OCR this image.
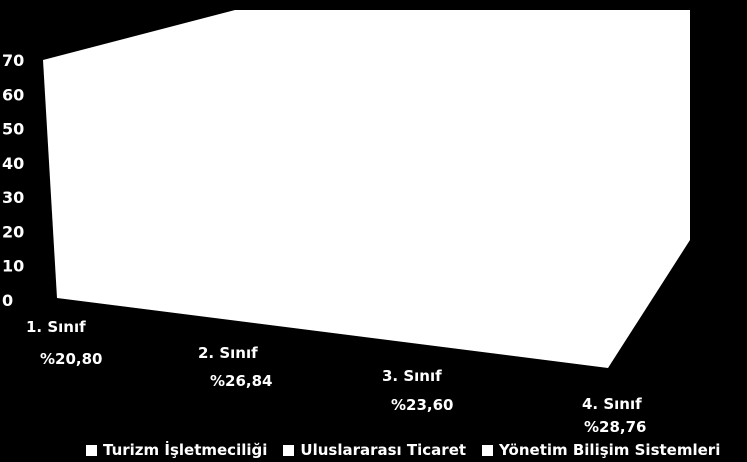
0
10
20
30
40
50
60
70
1. Sınıf
%20,80	2. Sınıf
%26,84	3. Sınıf
%23,60	4. Sınıf
%28,76
Turizm İşletmeciliği Uluslararası Ticaret Yönetim Bilişim Sistemleri
